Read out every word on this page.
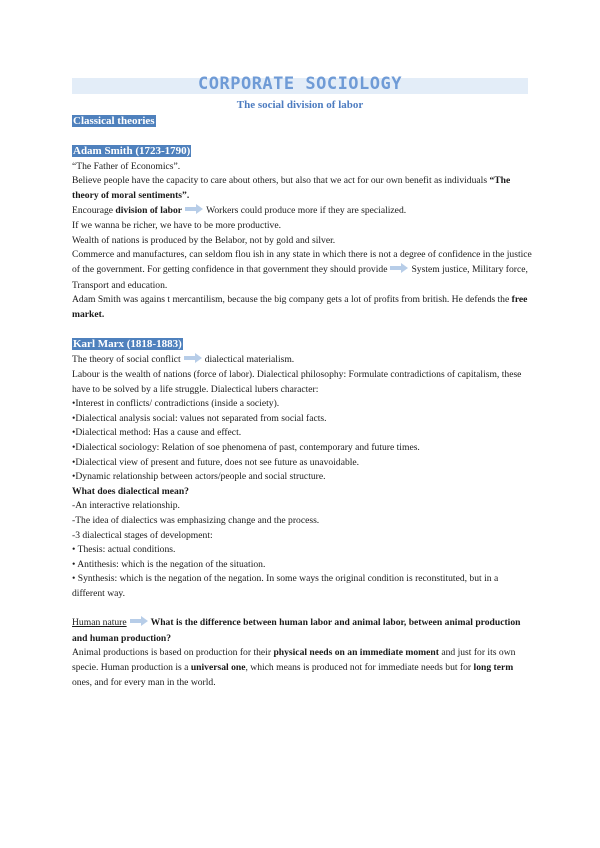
CORPORATE SOCIOLOGY
The social division of labor

Classical theories

Adam Smith (1723-1790)

“The Father of Economics”.

Believe people have the capacity to care about others, but also that we act for our own benefit as individuals “The theory of moral sentiments”.

Encourage division of labor	Workers could produce more if they are specialized.

If we wanna be richer, we have to be more productive.

Wealth of nations is produced by the Belabor, not by gold and silver.

Commerce and manufactures, can seldom flou ish in any state in which there is not a degree of confidence in the justice of the government. For getting confidence in that government they should provide	System justice, Military force, Transport and education.

Adam Smith was agains t mercantilism, because the big company gets a lot of profits from british. He defends the free market.

Karl Marx (1818-1883)

The theory of social conflict	dialectical materialism.

Labour is the wealth of nations (force of labor). Dialectical philosophy: Formulate contradictions of capitalism, these have to be solved by a life struggle. Dialectical lubers character:

•Interest in conflicts/ contradictions (inside a society).

•Dialectical analysis social: values not separated from social facts.

•Dialectical method: Has a cause and effect.

•Dialectical sociology: Relation of soe phenomena of past, contemporary and future times.

•Dialectical view of present and future, does not see future as unavoidable.

•Dynamic relationship between actors/people and social structure.

What does dialectical mean?

-An interactive relationship.

-The idea of dialectics was emphasizing change and the process.

-3 dialectical stages of development:

• Thesis: actual conditions.

• Antithesis: which is the negation of the situation.

• Synthesis: which is the negation of the negation. In some ways the original condition is reconstituted, but in a different way.

Human nature	What is the difference between human labor and animal labor, between animal production and human production?

Animal productions is based on production for their physical needs on an immediate moment and just for its own specie. Human production is a universal one, which means is produced not for immediate needs but for long term ones, and for every man in the world.
